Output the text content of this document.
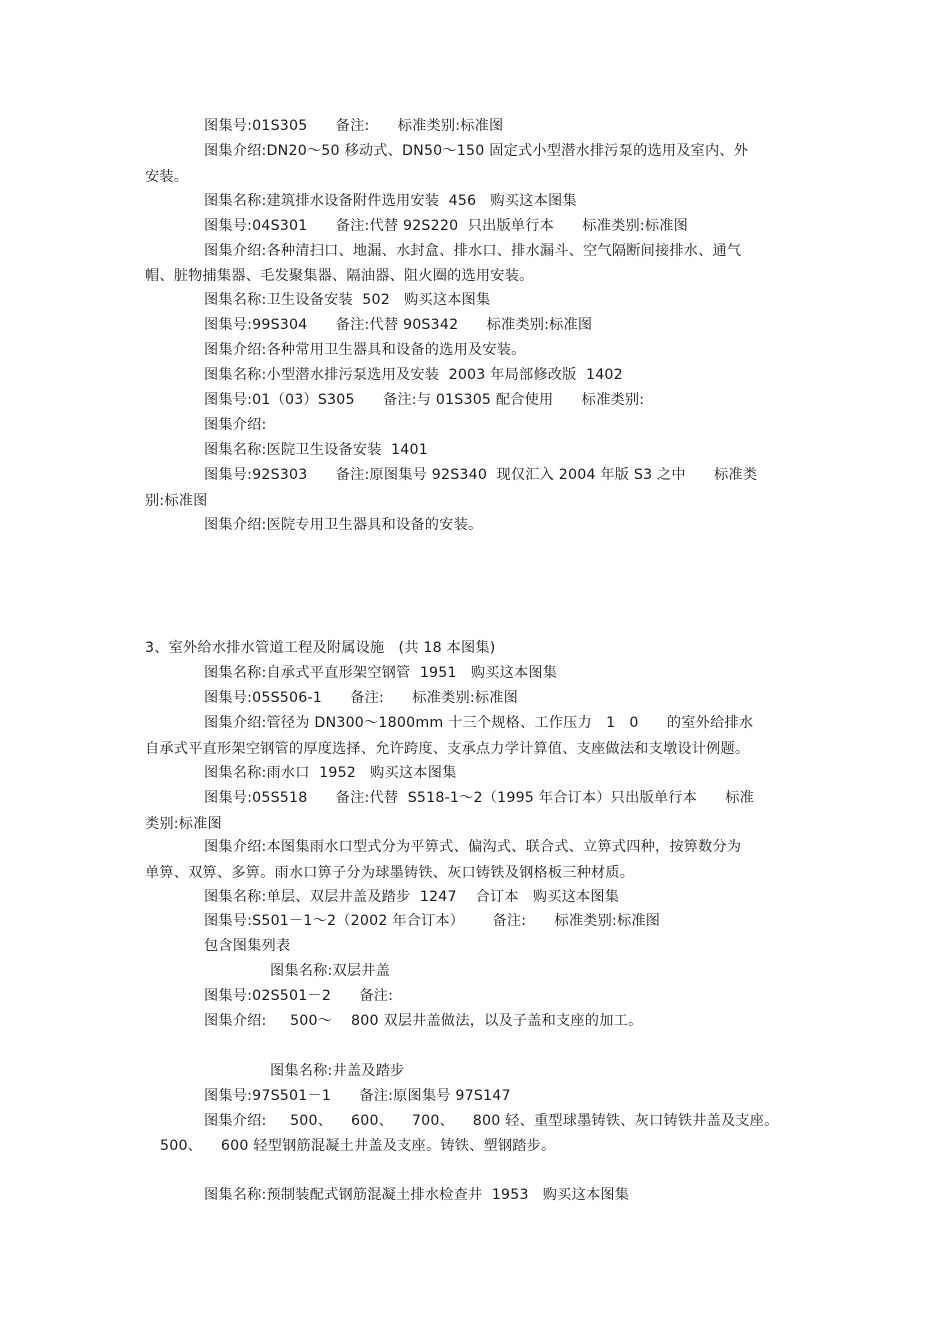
图集号:01S305      备注:      标准类别:标准图
图集介绍:DN20～50 移动式、DN50～150 固定式小型潜水排污泵的选用及室内、外
安装。
图集名称:建筑排水设备附件选用安装  456   购买这本图集
图集号:04S301      备注:代替 92S220  只出版单行本      标准类别:标准图
图集介绍:各种清扫口、地漏、水封盒、排水口、排水漏斗、空气隔断间接排水、通气
帽、脏物捕集器、毛发聚集器、隔油器、阻火圈的选用安装。
图集名称:卫生设备安装  502   购买这本图集
图集号:99S304      备注:代替 90S342      标准类别:标准图
图集介绍:各种常用卫生器具和设备的选用及安装。
图集名称:小型潜水排污泵选用及安装  2003 年局部修改版  1402
图集号:01（03）S305      备注:与 01S305 配合使用      标准类别:
图集介绍:
图集名称:医院卫生设备安装  1401
图集号:92S303      备注:原图集号 92S340  现仅汇入 2004 年版 S3 之中      标准类
别:标准图
图集介绍:医院专用卫生器具和设备的安装。
3、室外给水排水管道工程及附属设施   (共 18 本图集)
图集名称:自承式平直形架空钢管  1951   购买这本图集
图集号:05S506-1      备注:      标准类别:标准图
图集介绍:管径为 DN300～1800mm 十三个规格、工作压力   1   0      的室外给排水
自承式平直形架空钢管的厚度选择、允许跨度、支承点力学计算值、支座做法和支墩设计例题。
图集名称:雨水口  1952   购买这本图集
图集号:05S518      备注:代替  S518-1～2（1995 年合订本）只出版单行本      标准
类别:标准图
图集介绍:本图集雨水口型式分为平箅式、偏沟式、联合式、立箅式四种，按箅数分为
单箅、双箅、多箅。雨水口箅子分为球墨铸铁、灰口铸铁及钢格板三种材质。
图集名称:单层、双层井盖及踏步  1247    合订本   购买这本图集
图集号:S501－1～2（2002 年合订本）      备注:      标准类别:标准图
包含图集列表
图集名称:双层井盖
图集号:02S501－2      备注:
图集介绍:     500～    800 双层井盖做法，以及子盖和支座的加工。
图集名称:井盖及踏步
图集号:97S501－1      备注:原图集号 97S147
图集介绍:     500、    600、    700、    800 轻、重型球墨铸铁、灰口铸铁井盖及支座。
500、    600 轻型钢筋混凝土井盖及支座。铸铁、塑钢踏步。
图集名称:预制装配式钢筋混凝土排水检查井  1953   购买这本图集
